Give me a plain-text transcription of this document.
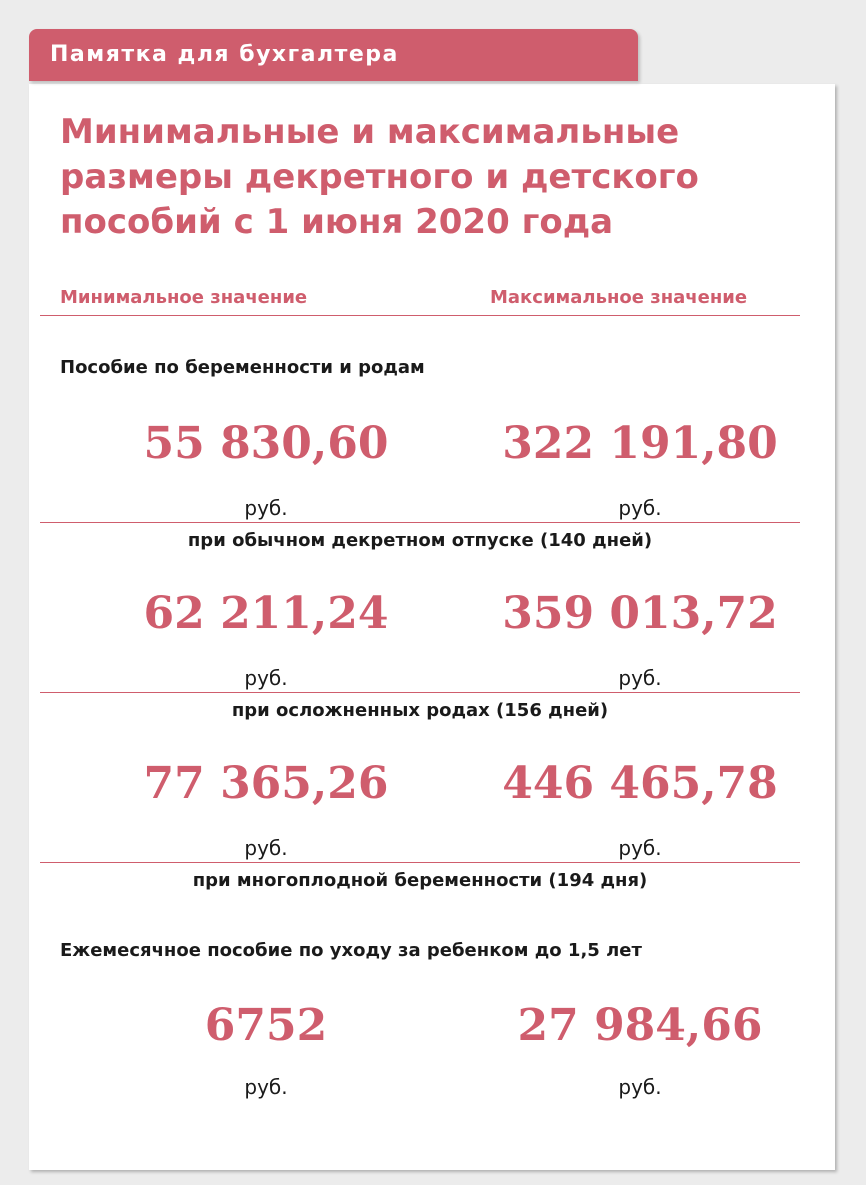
Памятка для бухгалтера
Минимальные и максимальные размеры декретного и детского пособий с 1 июня 2020 года
Минимальное значение	Максимальное значение
Пособие по беременности и родам
55 830,60	322 191,80
руб.	руб.
при обычном декретном отпуске (140 дней)
62 211,24	359 013,72
руб.	руб.
при осложненных родах (156 дней)
77 365,26	446 465,78
руб.	руб.
при многоплодной беременности (194 дня)
Ежемесячное пособие по уходу за ребенком до 1,5 лет
6752	27 984,66
руб.	руб.
